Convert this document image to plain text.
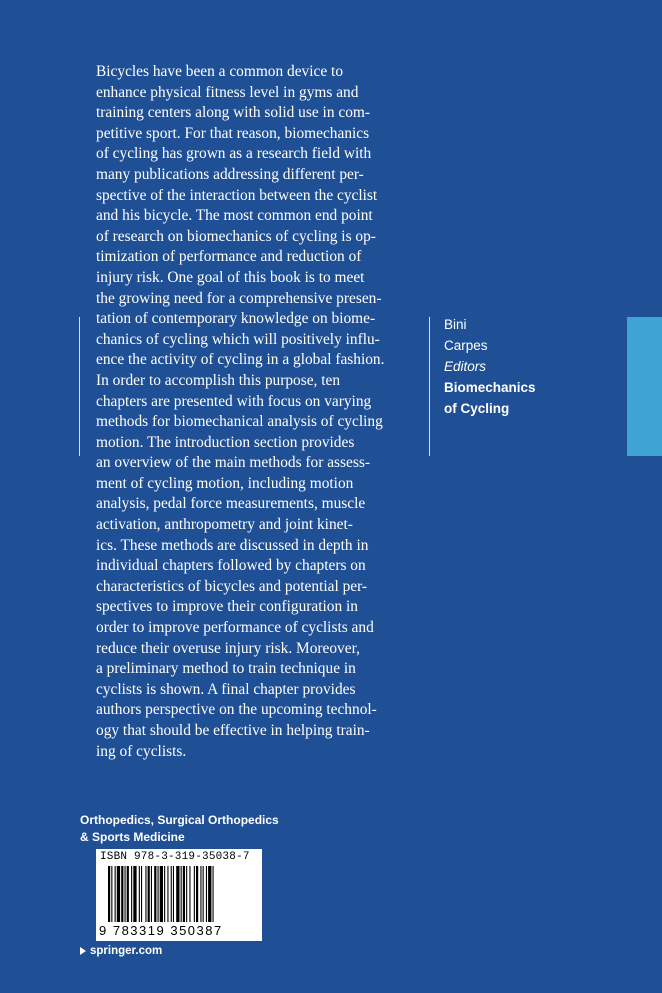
Bicycles have been a common device to
enhance physical fitness level in gyms and
training centers along with solid use in com-
petitive sport. For that reason, biomechanics
of cycling has grown as a research field with
many publications addressing different per-
spective of the interaction between the cyclist
and his bicycle. The most common end point
of research on biomechanics of cycling is op-
timization of performance and reduction of
injury risk. One goal of this book is to meet
the growing need for a comprehensive presen-
tation of contemporary knowledge on biome-
chanics of cycling which will positively influ-
ence the activity of cycling in a global fashion.
In order to accomplish this purpose, ten
chapters are presented with focus on varying
methods for biomechanical analysis of cycling
motion. The introduction section provides
an overview of the main methods for assess-
ment of cycling motion, including motion
analysis, pedal force measurements, muscle
activation, anthropometry and joint kinet-
ics. These methods are discussed in depth in
individual chapters followed by chapters on
characteristics of bicycles and potential per-
spectives to improve their configuration in
order to improve performance of cyclists and
reduce their overuse injury risk. Moreover,
a preliminary method to train technique in
cyclists is shown. A final chapter provides
authors perspective on the upcoming technol-
ogy that should be effective in helping train-
ing of cyclists.
Bini
Carpes
Editors
Biomechanics
of Cycling
Orthopedics, Surgical Orthopedics
& Sports Medicine
ISBN 978-3-319-35038-7
9 783319 350387
springer.com
